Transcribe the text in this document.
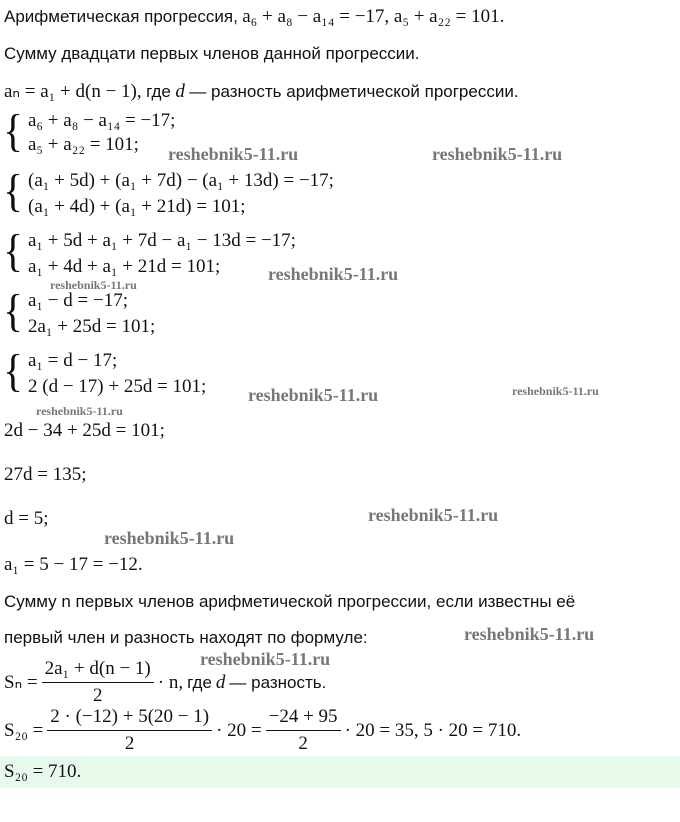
Арифметическая прогрессия, a₆ + a₈ − a₁₄ = −17, a₅ + a₂₂ = 101.
Сумму двадцати первых членов данной прогрессии.
aₙ = a₁ + d(n − 1), где d — разность арифметической прогрессии.
{ a₆ + a₈ − a₁₄ = −17;
a₅ + a₂₂ = 101;
{ (a₁ + 5d) + (a₁ + 7d) − (a₁ + 13d) = −17;
(a₁ + 4d) + (a₁ + 21d) = 101;
{ a₁ + 5d + a₁ + 7d − a₁ − 13d = −17;
a₁ + 4d + a₁ + 21d = 101;
{ a₁ − d = −17;
2a₁ + 25d = 101;
{ a₁ = d − 17;
2 (d − 17) + 25d = 101;
2d − 34 + 25d = 101;
27d = 135;
d = 5;
a₁ = 5 − 17 = −12.
Сумму n первых членов арифметической прогрессии, если известны её
первый член и разность находят по формуле:
$S_n = \frac{\text{2a₁ + d(n − 1)}}{2} \cdot n$, где d — разность.
$S_{20} = \frac{2 \cdot (-12) + 5(20 - 1)}{2} \cdot 20 = \frac{-24 + 95}{2} \cdot 20 = 35$, 5 · 20 = 710.
S₂₀ = 710.
reshebnik5-11.ru	reshebnik5-11.ru
reshebnik5-11.ru
reshebnik5-11.ru
reshebnik5-11.ru	reshebnik5-11.ru
reshebnik5-11.ru
reshebnik5-11.ru
reshebnik5-11.ru
reshebnik5-11.ru
reshebnik5-11.ru
